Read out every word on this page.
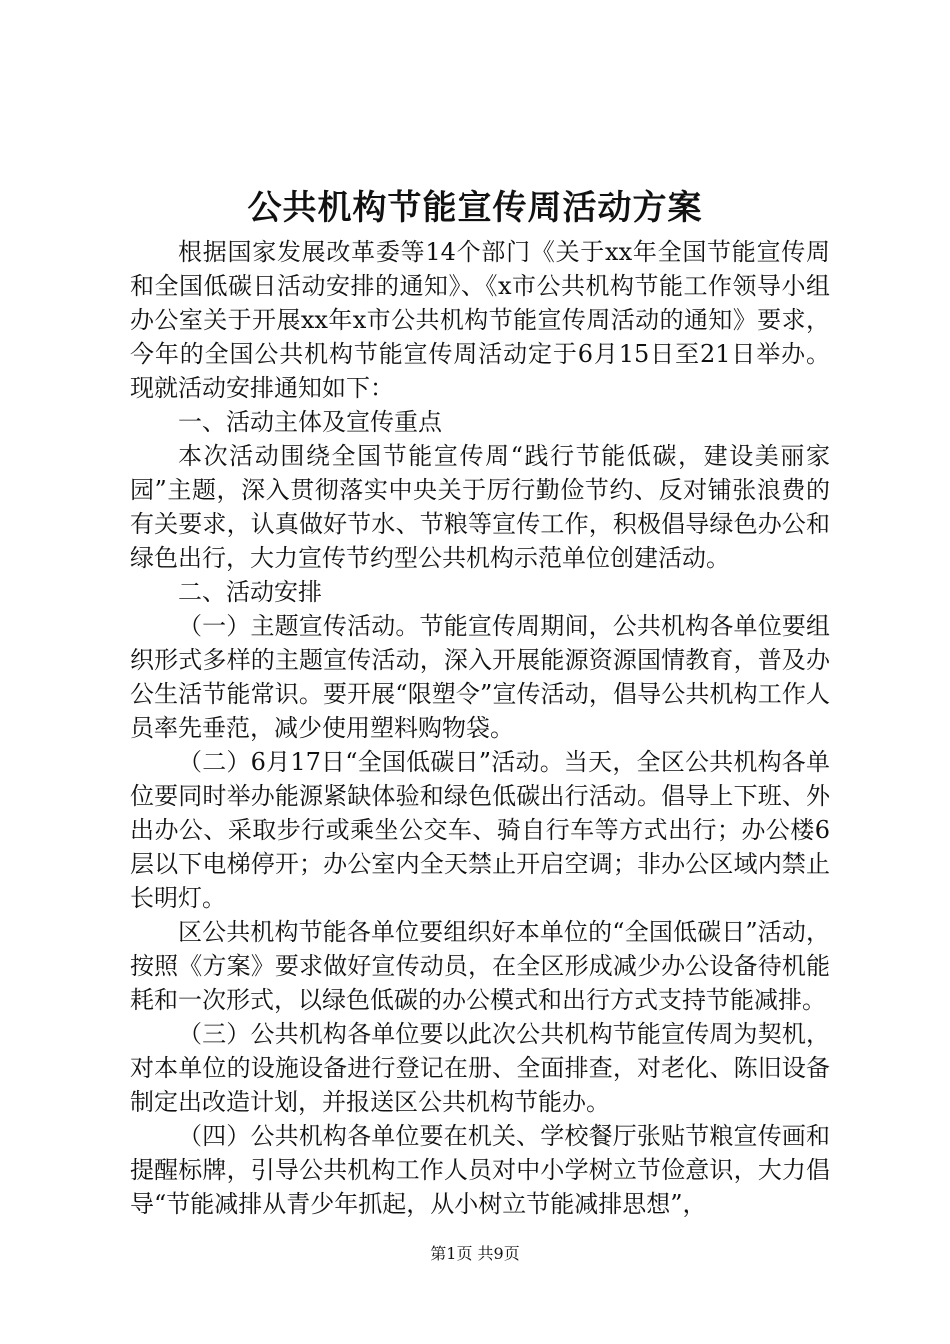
公共机构节能宣传周活动方案

根据国家发展改革委等14个部门《关于xx年全国节能宣传周和全国低碳日活动安排的通知》、《x市公共机构节能工作领导小组办公室关于开展xx年x市公共机构节能宣传周活动的通知》要求，今年的全国公共机构节能宣传周活动定于6月15日至21日举办。现就活动安排通知如下：

一、活动主体及宣传重点

本次活动围绕全国节能宣传周“践行节能低碳，建设美丽家园”主题，深入贯彻落实中央关于厉行勤俭节约、反对铺张浪费的有关要求，认真做好节水、节粮等宣传工作，积极倡导绿色办公和绿色出行，大力宣传节约型公共机构示范单位创建活动。

二、活动安排

（一）主题宣传活动。节能宣传周期间，公共机构各单位要组织形式多样的主题宣传活动，深入开展能源资源国情教育，普及办公生活节能常识。要开展“限塑令”宣传活动，倡导公共机构工作人员率先垂范，减少使用塑料购物袋。

（二）6月17日“全国低碳日”活动。当天，全区公共机构各单位要同时举办能源紧缺体验和绿色低碳出行活动。倡导上下班、外出办公、采取步行或乘坐公交车、骑自行车等方式出行；办公楼6层以下电梯停开；办公室内全天禁止开启空调；非办公区域内禁止长明灯。

区公共机构节能各单位要组织好本单位的“全国低碳日”活动，按照《方案》要求做好宣传动员，在全区形成减少办公设备待机能耗和一次形式，以绿色低碳的办公模式和出行方式支持节能减排。

（三）公共机构各单位要以此次公共机构节能宣传周为契机，对本单位的设施设备进行登记在册、全面排查，对老化、陈旧设备制定出改造计划，并报送区公共机构节能办。

（四）公共机构各单位要在机关、学校餐厅张贴节粮宣传画和提醒标牌，引导公共机构工作人员对中小学树立节俭意识，大力倡导“节能减排从青少年抓起，从小树立节能减排思想”，

第1页 共9页
